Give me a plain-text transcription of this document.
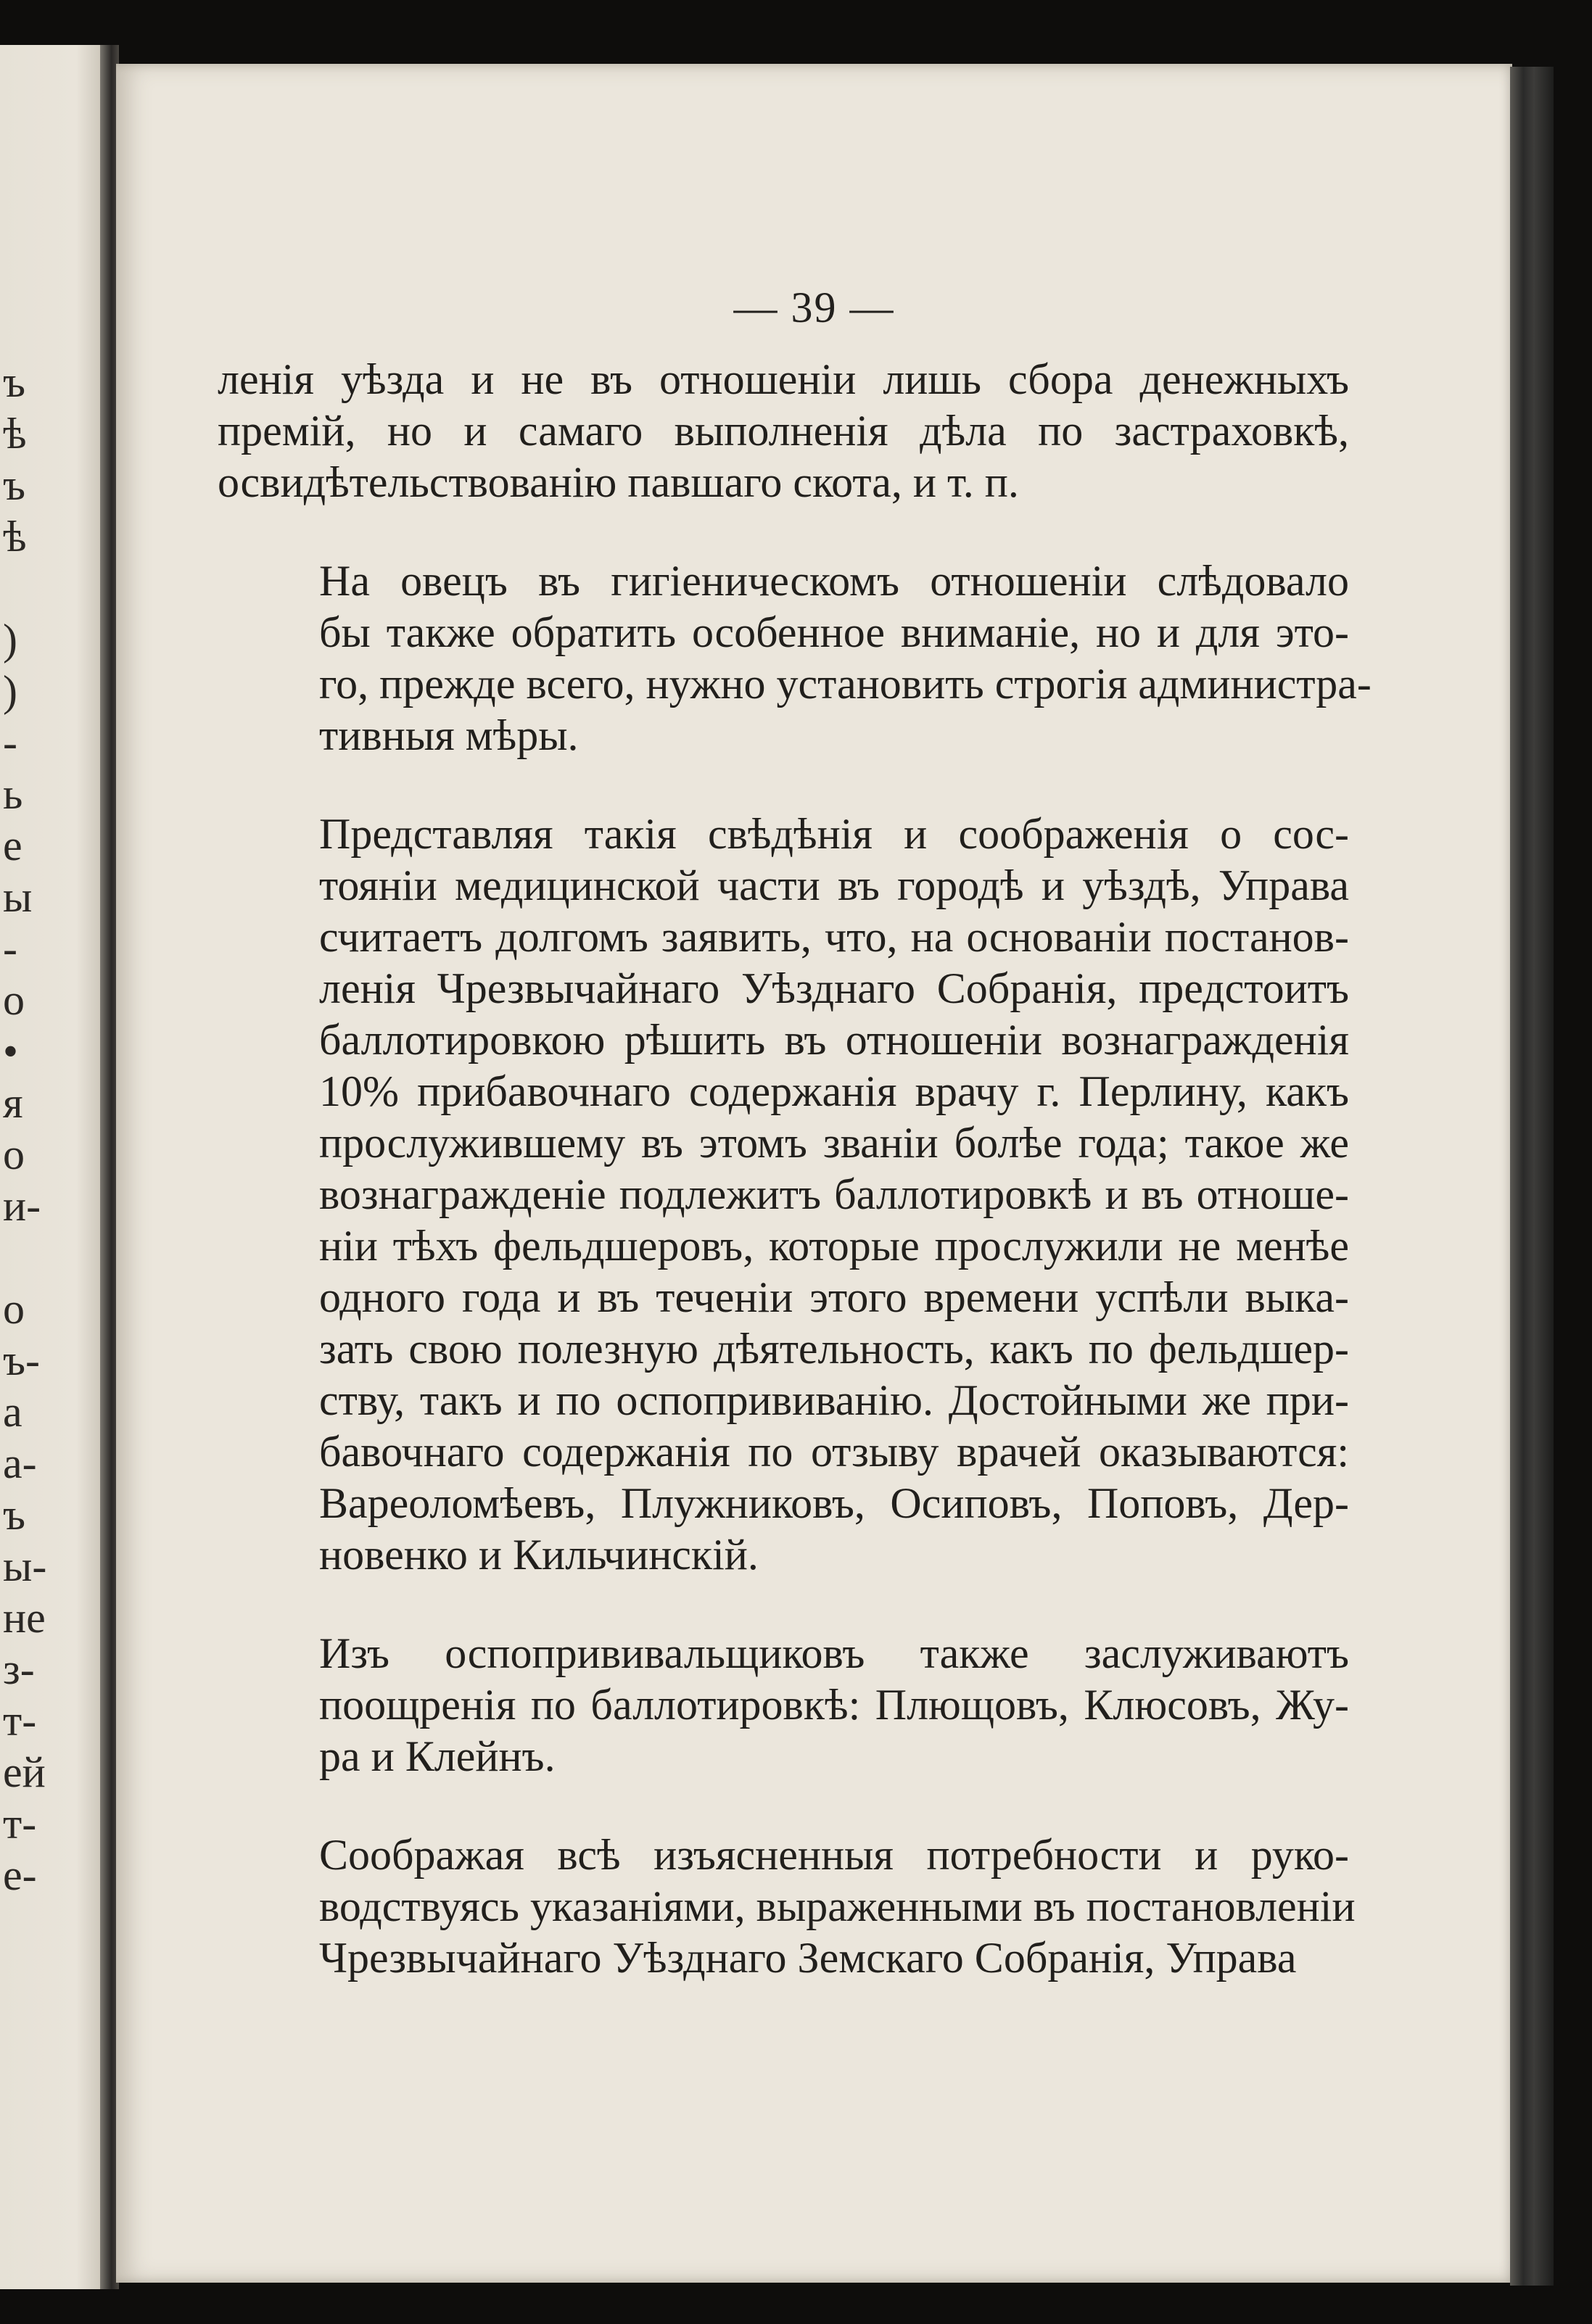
ъ
ѣ
ъ
ѣ
)
)
-
ь
е
ы
-
о
•
я
о
и-
о
ъ-
а
а-
ъ
ы-
не
з-
т-
ей
т-
е-
— 39 —
ленія уѣзда и не въ отношеніи лишь сбора денежныхъ
премій, но и самаго выполненія дѣла по застраховкѣ,
освидѣтельствованію павшаго скота, и т. п.
На овецъ въ гигіеническомъ отношеніи слѣдовало
бы также обратить особенное вниманіе, но и для это-
го, прежде всего, нужно установить строгія администра-
тивныя мѣры.
Представляя такія свѣдѣнія и соображенія о сос-
тояніи медицинской части въ городѣ и уѣздѣ, Управа
считаетъ долгомъ заявить, что, на основаніи постанов-
ленія Чрезвычайнаго Уѣзднаго Собранія, предстоитъ
баллотировкою рѣшить въ отношеніи вознагражденія
10% прибавочнаго содержанія врачу г. Перлину, какъ
прослужившему въ этомъ званіи болѣе года; такое же
вознагражденіе подлежитъ баллотировкѣ и въ отноше-
ніи тѣхъ фельдшеровъ, которые прослужили не менѣе
одного года и въ теченіи этого времени успѣли выка-
зать свою полезную дѣятельность, какъ по фельдшер-
ству, такъ и по оспопрививанію. Достойными же при-
бавочнаго содержанія по отзыву врачей оказываются:
Вареоломѣевъ, Плужниковъ, Осиповъ, Поповъ, Дер-
новенко и Кильчинскій.
Изъ оспопрививальщиковъ также заслуживаютъ
поощренія по баллотировкѣ: Плющовъ, Клюсовъ, Жу-
ра и Клейнъ.
Соображая всѣ изъясненныя потребности и руко-
водствуясь указаніями, выраженными въ постановленіи
Чрезвычайнаго Уѣзднаго Земскаго Собранія, Управа
